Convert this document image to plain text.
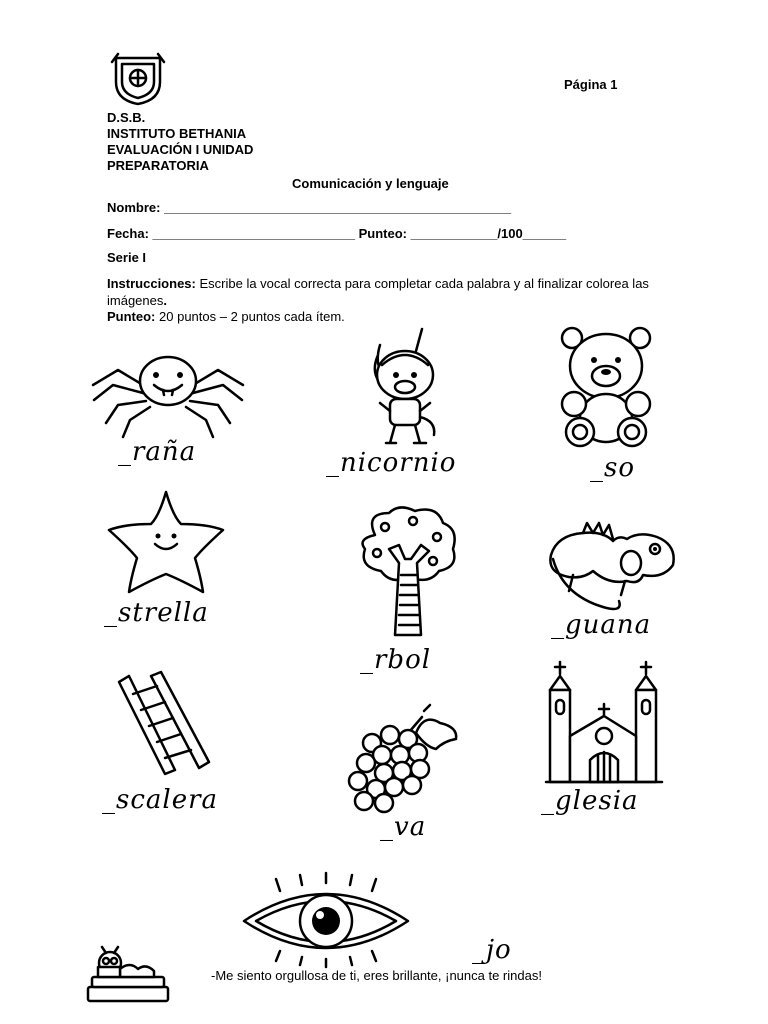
Página 1
D.S.B.
INSTITUTO BETHANIA
EVALUACIÓN I UNIDAD
PREPARATORIA
Comunicación y lenguaje
Nombre: ________________________________________________
Fecha: ____________________________ Punteo: ____________/100______
Serie I
Instrucciones: Escribe la vocal correcta para completar cada palabra y al finalizar colorea las imágenes.
Punteo: 20 puntos – 2 puntos cada ítem.
_raña	_nicornio	_so
_strella
_rbol
_guana
_scalera
_va
_glesia
_jo
-Me siento orgullosa de ti, eres brillante, ¡nunca te rindas!
